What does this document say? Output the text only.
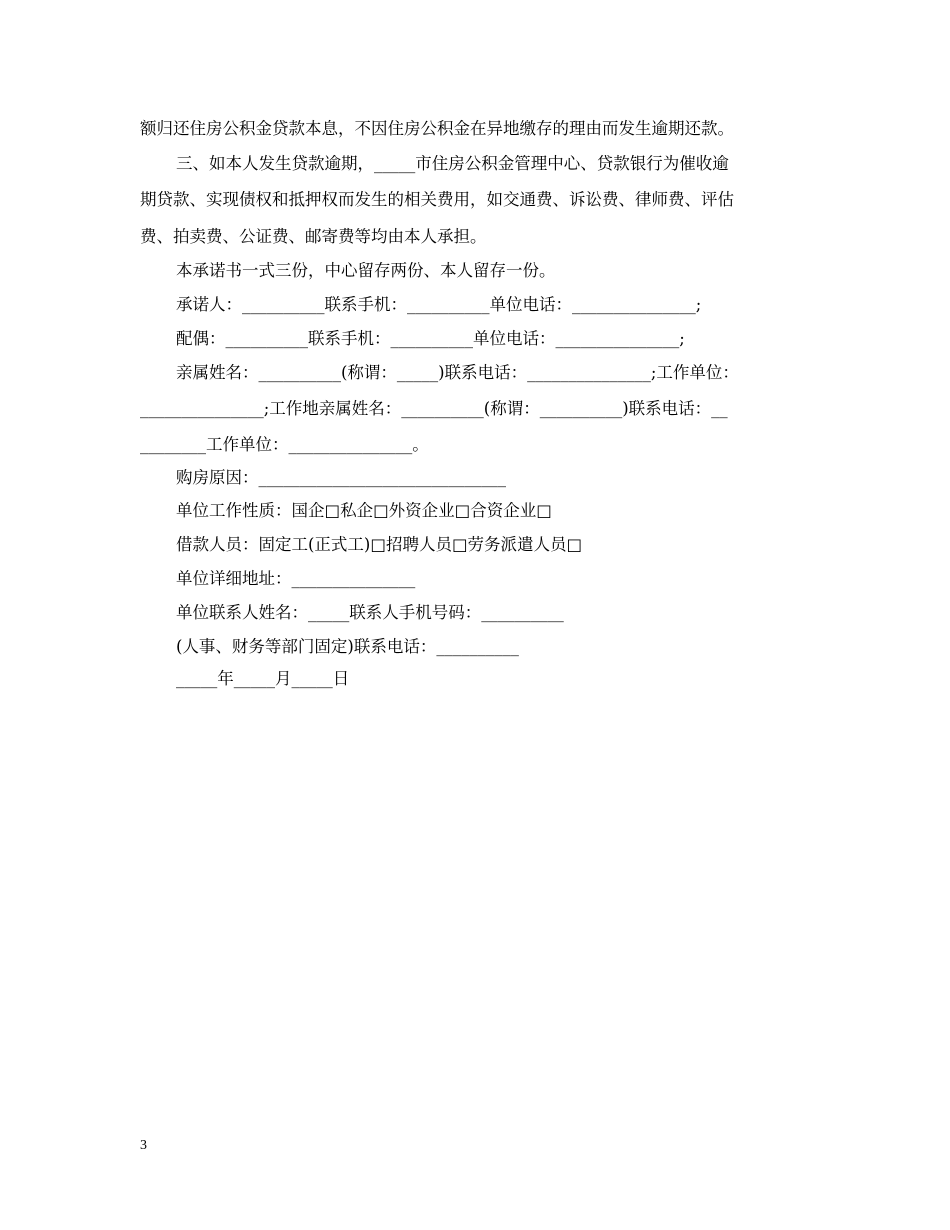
额归还住房公积金贷款本息，不因住房公积金在异地缴存的理由而发生逾期还款。
三、如本人发生贷款逾期，_____市住房公积金管理中心、贷款银行为催收逾
期贷款、实现债权和抵押权而发生的相关费用，如交通费、诉讼费、律师费、评估
费、拍卖费、公证费、邮寄费等均由本人承担。
本承诺书一式三份，中心留存两份、本人留存一份。
承诺人：__________联系手机：__________单位电话：_______________;
配偶：__________联系手机：__________单位电话：_______________;
亲属姓名：__________(称谓：_____)联系电话：_______________;工作单位：
_______________;工作地亲属姓名：__________(称谓：__________)联系电话：__
________工作单位：_______________。
购房原因：______________________________
单位工作性质：国企□私企□外资企业□合资企业□
借款人员：固定工(正式工)□招聘人员□劳务派遣人员□
单位详细地址：_______________
单位联系人姓名：_____联系人手机号码：__________
(人事、财务等部门固定)联系电话：__________
_____年_____月_____日
3
